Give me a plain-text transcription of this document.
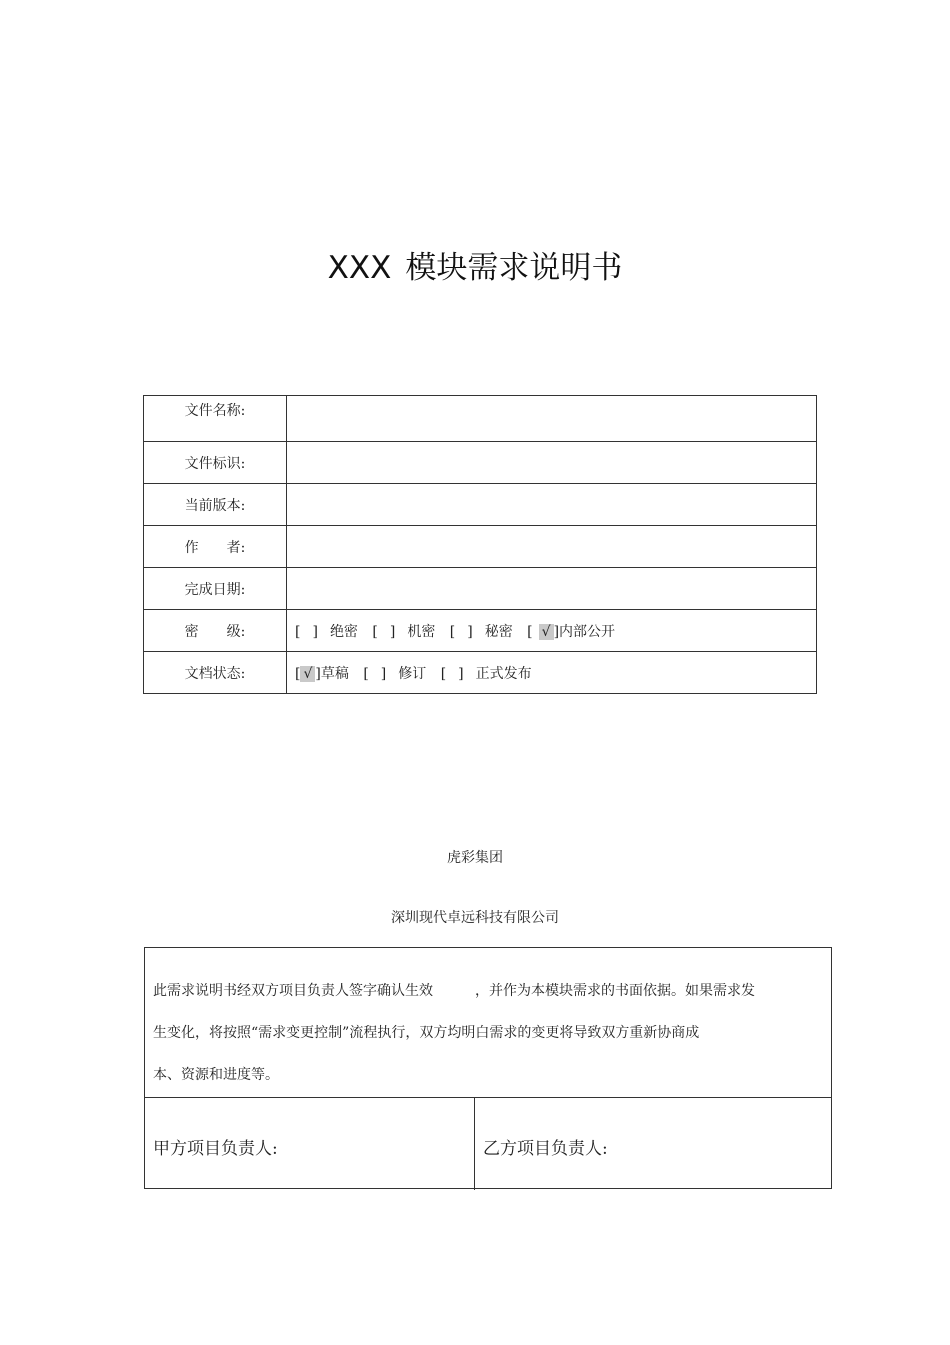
XXX 模块需求说明书
文件名称:	
文件标识:	
当前版本:	
作　　者:	
完成日期:	
密　　级:	[ ] 绝密 [ ] 机密 [ ] 秘密 [ √ ]内部公开
文档状态:	[ √ ]草稿 [ ] 修订 [ ] 正式发布
虎彩集团
深圳现代卓远科技有限公司
此需求说明书经双方项目负责人签字确认生效　　　，并作为本模块需求的书面依据。如果需求发
生变化，将按照“需求变更控制”流程执行，双方均明白需求的变更将导致双方重新协商成
本、资源和进度等。
甲方项目负责人:	乙方项目负责人:
